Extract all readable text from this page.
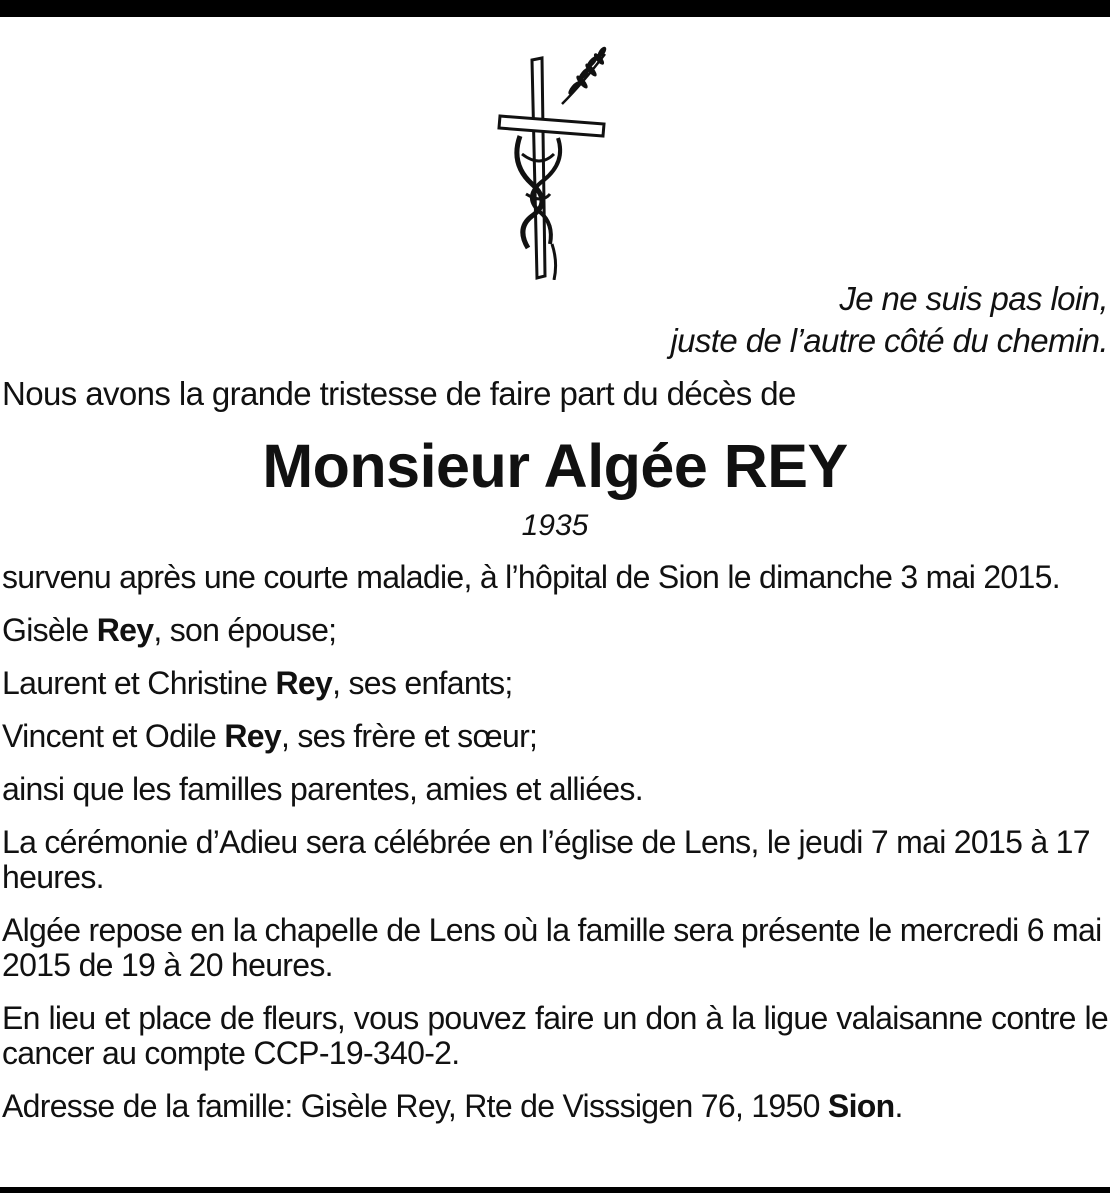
Je ne suis pas loin,
juste de l’autre côté du chemin.
Nous avons la grande tristesse de faire part du décès de
Monsieur Algée REY
1935

survenu après une courte maladie, à l’hôpital de Sion le dimanche 3 mai 2015.

Gisèle Rey, son épouse;

Laurent et Christine Rey, ses enfants;

Vincent et Odile Rey, ses frère et sœur;

ainsi que les familles parentes, amies et alliées.

La cérémonie d’Adieu sera célébrée en l’église de Lens, le jeudi 7 mai 2015 à 17 heures.

Algée repose en la chapelle de Lens où la famille sera présente le mercredi 6 mai 2015 de 19 à 20 heures.

En lieu et place de fleurs, vous pouvez faire un don à la ligue valaisanne contre le cancer au compte CCP-19-340-2.

Adresse de la famille: Gisèle Rey, Rte de Visssigen 76, 1950 Sion.
